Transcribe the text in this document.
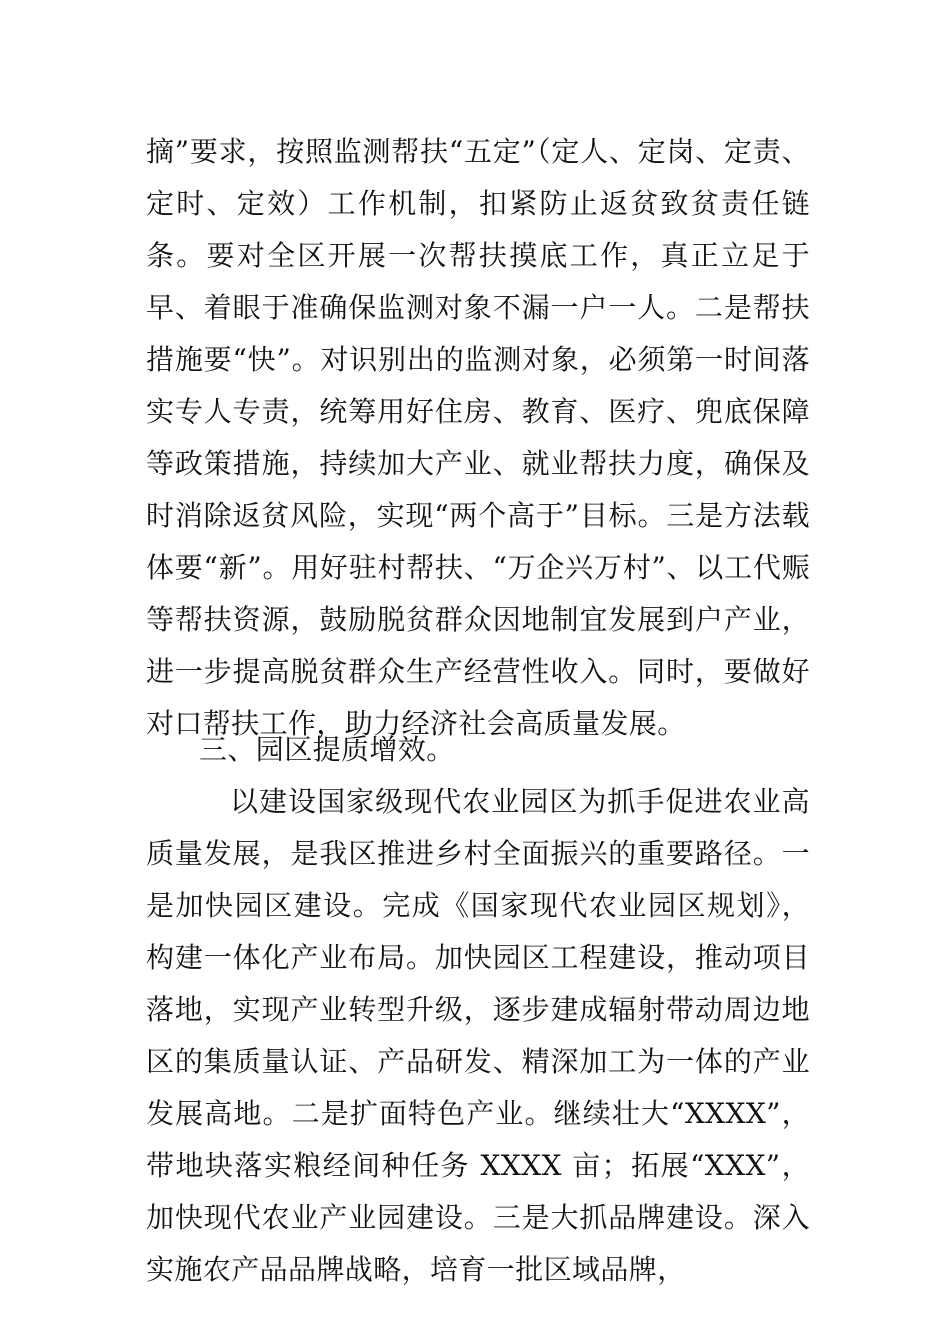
摘”要求，按照监测帮扶“五定”（定人、定岗、定责、定时、定效）工作机制，扣紧防止返贫致贫责任链条。要对全区开展一次帮扶摸底工作，真正立足于早、着眼于准确保监测对象不漏一户一人。二是帮扶措施要“快”。对识别出的监测对象，必须第一时间落实专人专责，统筹用好住房、教育、医疗、兜底保障等政策措施，持续加大产业、就业帮扶力度，确保及时消除返贫风险，实现“两个高于”目标。三是方法载体要“新”。用好驻村帮扶、“万企兴万村”、以工代赈等帮扶资源，鼓励脱贫群众因地制宜发展到户产业，进一步提高脱贫群众生产经营性收入。同时，要做好对口帮扶工作，助力经济社会高质量发展。

三、园区提质增效。

以建设国家级现代农业园区为抓手促进农业高质量发展，是我区推进乡村全面振兴的重要路径。一是加快园区建设。完成《国家现代农业园区规划》，构建一体化产业布局。加快园区工程建设，推动项目落地，实现产业转型升级，逐步建成辐射带动周边地区的集质量认证、产品研发、精深加工为一体的产业发展高地。二是扩面特色产业。继续壮大“XXXX”，带地块落实粮经间种任务 XXXX 亩；拓展“XXX”，加快现代农业产业园建设。三是大抓品牌建设。深入实施农产品品牌战略，培育一批区域品牌，
